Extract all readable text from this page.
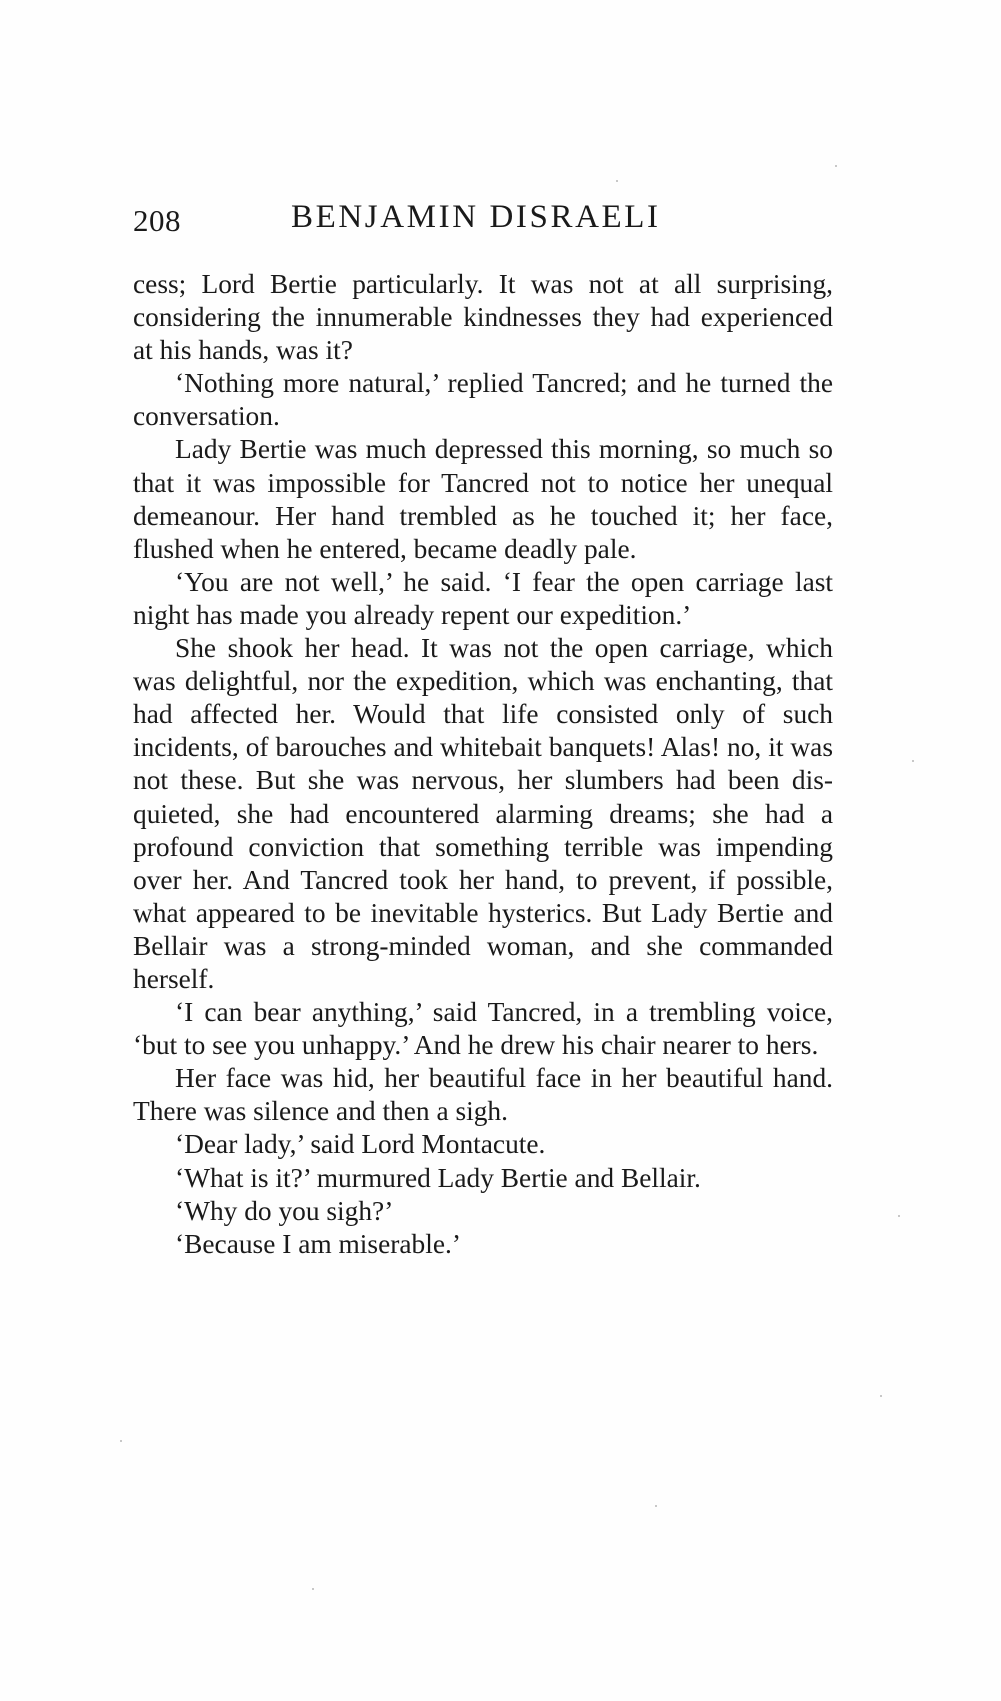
208	BENJAMIN DISRAELI

cess; Lord Bertie particularly. It was not at all surprising, considering the innumerable kindnesses they had experienced at his hands, was it?

‘Nothing more natural,’ replied Tancred; and he turned the conversation.

Lady Bertie was much depressed this morning, so much so that it was impossible for Tancred not to notice her unequal demeanour. Her hand trembled as he touched it; her face, flushed when he entered, became deadly pale.

‘You are not well,’ he said. ‘I fear the open carriage last night has made you already repent our expedition.’

She shook her head. It was not the open carriage, which was delightful, nor the expedition, which was enchanting, that had affected her. Would that life consisted only of such incidents, of barouches and whitebait banquets! Alas! no, it was not these. But she was nervous, her slumbers had been disquieted, she had encountered alarming dreams; she had a profound conviction that something terrible was impending over her. And Tancred took her hand, to prevent, if possible, what appeared to be inevitable hysterics. But Lady Bertie and Bellair was a strong-minded woman, and she commanded herself.

‘I can bear anything,’ said Tancred, in a trembling voice, ‘but to see you unhappy.’ And he drew his chair nearer to hers.

Her face was hid, her beautiful face in her beautiful hand. There was silence and then a sigh.

‘Dear lady,’ said Lord Montacute.

‘What is it?’ murmured Lady Bertie and Bellair.

‘Why do you sigh?’

‘Because I am miserable.’
